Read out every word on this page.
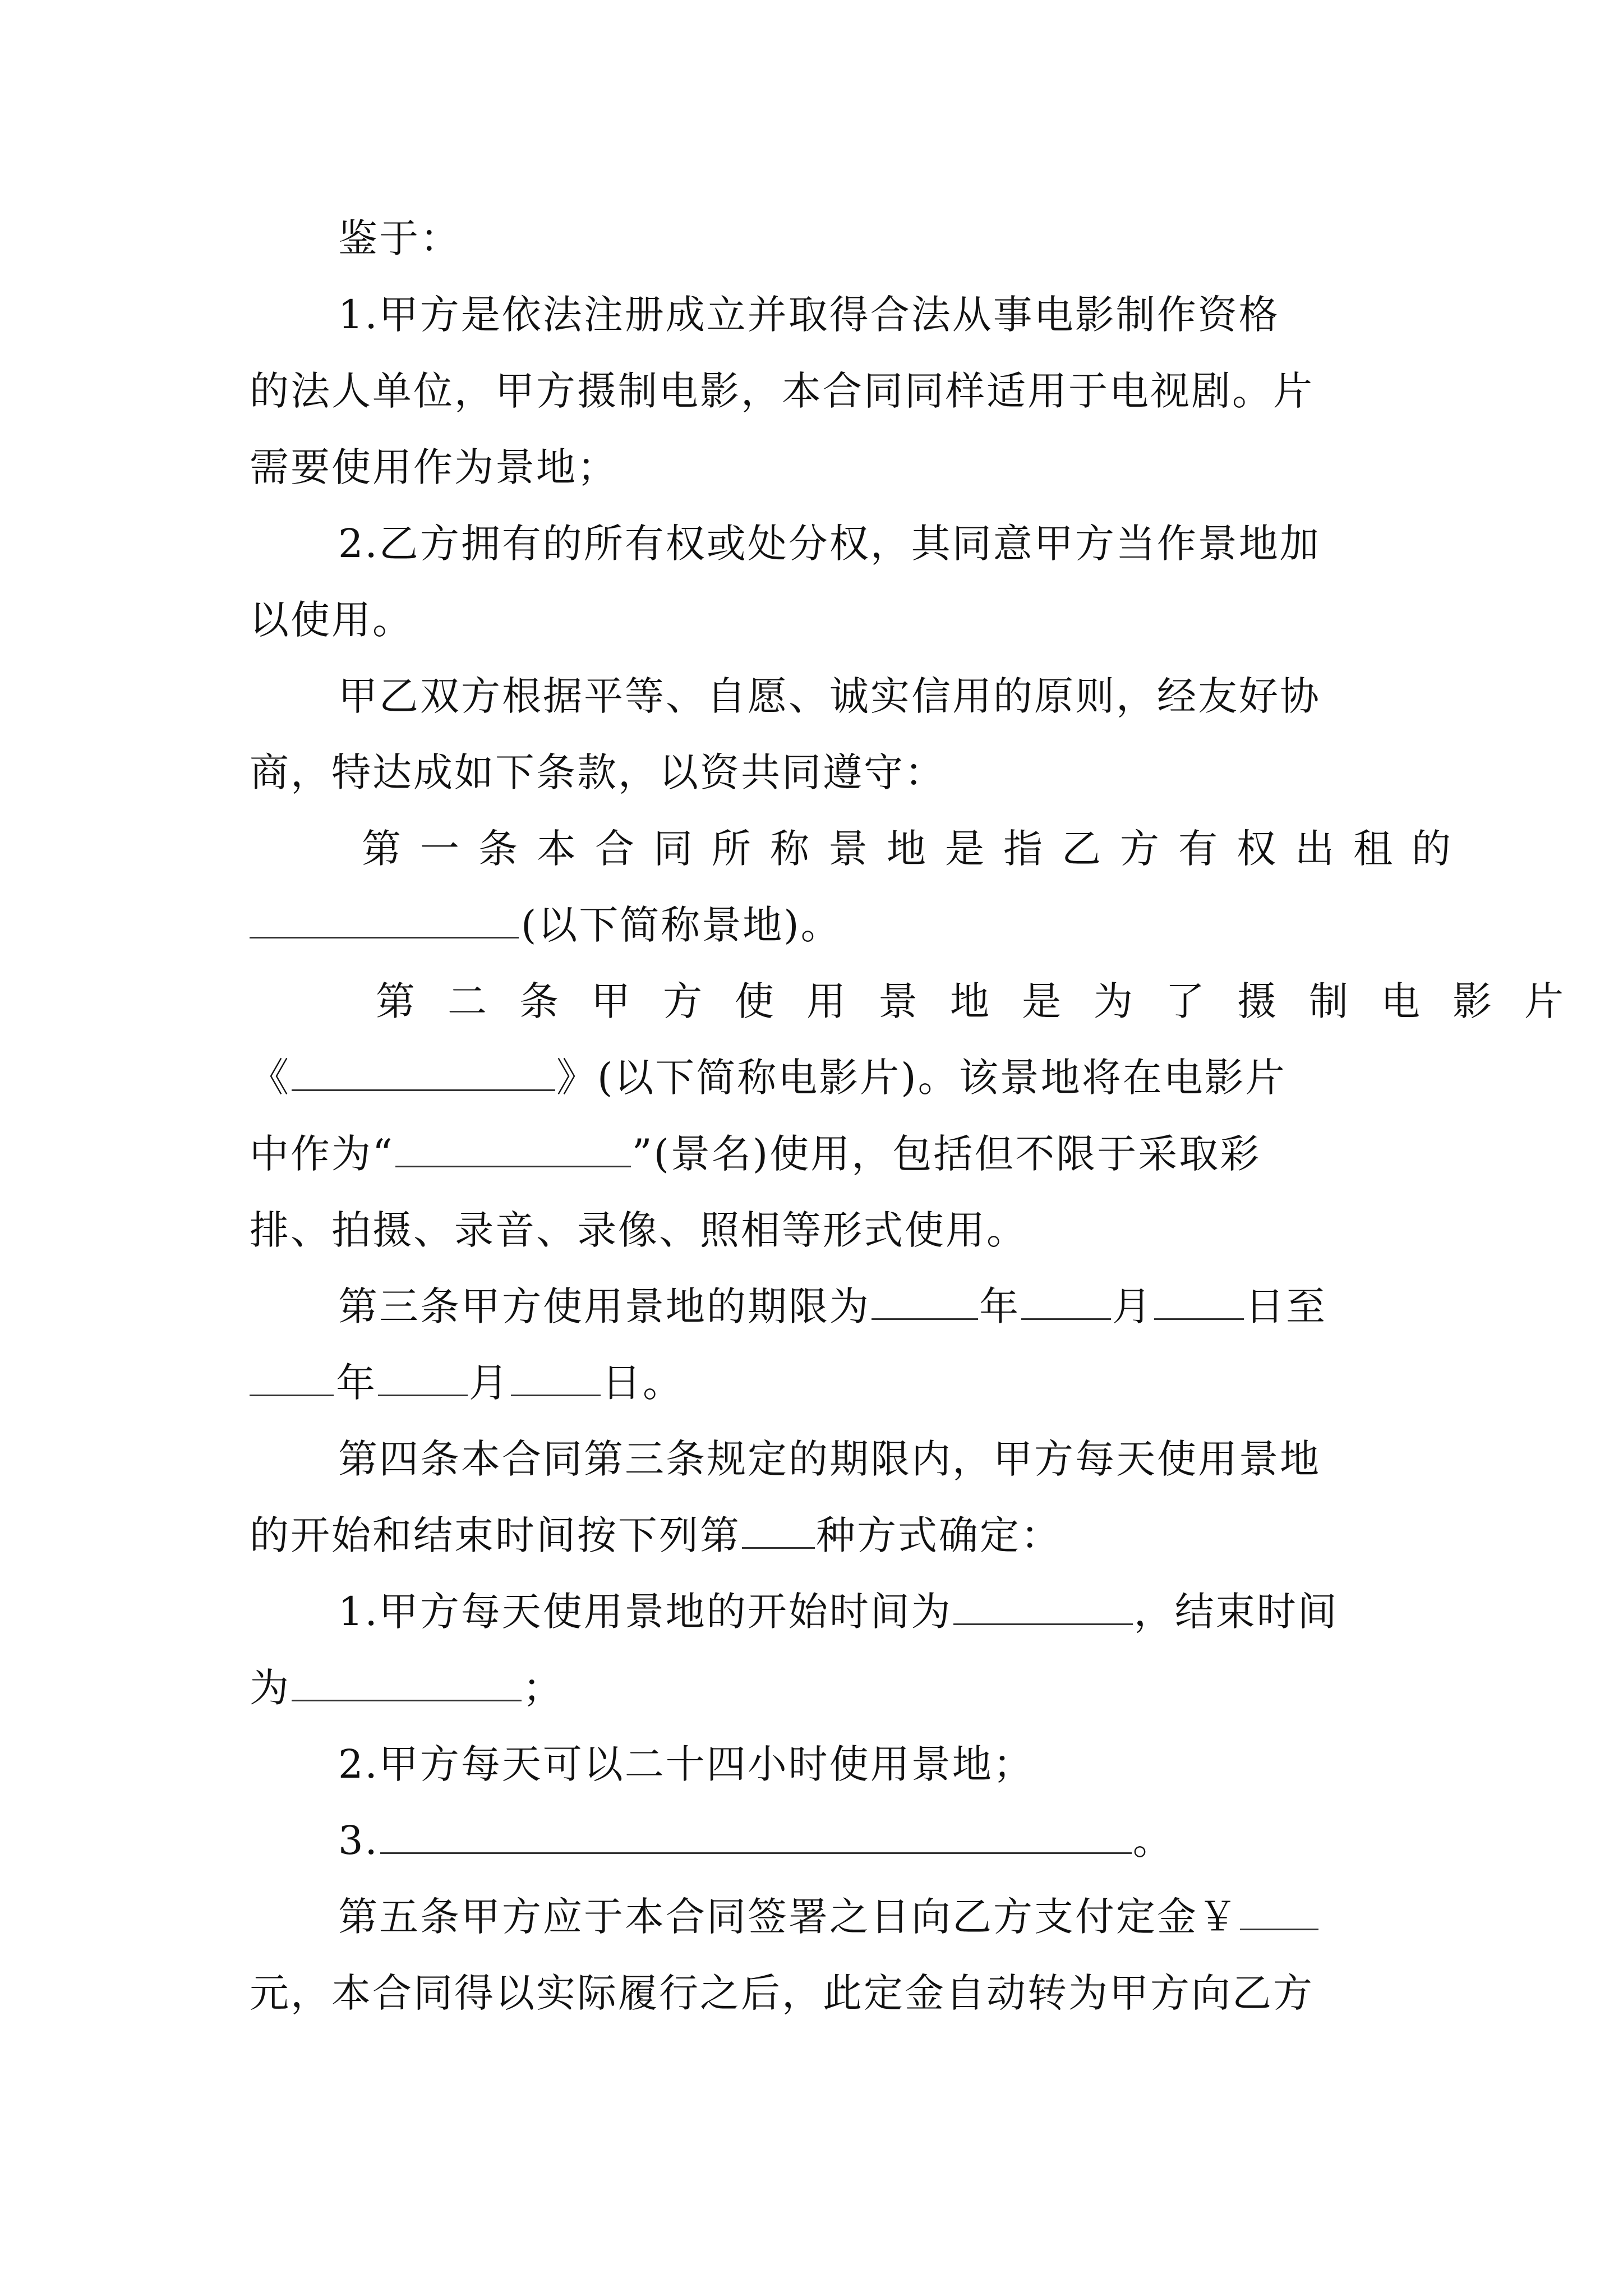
鉴于：
1.甲方是依法注册成立并取得合法从事电影制作资格
的法人单位，甲方摄制电影，本合同同样适用于电视剧。片
需要使用作为景地；
2.乙方拥有的所有权或处分权，其同意甲方当作景地加
以使用。
甲乙双方根据平等、自愿、诚实信用的原则，经友好协
商，特达成如下条款，以资共同遵守：
第一条本合同所称景地是指乙方有权出租的
(以下简称景地)。
第二条甲方使用景地是为了摄制电影片
《	》(以下简称电影片)。该景地将在电影片
中作为“	”(景名)使用，包括但不限于采取彩
排、拍摄、录音、录像、照相等形式使用。
第三条甲方使用景地的期限为	年 月 日至
年 月 日。
第四条本合同第三条规定的期限内，甲方每天使用景地
的开始和结束时间按下列第 种方式确定：
1.甲方每天使用景地的开始时间为	，结束时间
为	；
2.甲方每天可以二十四小时使用景地；
3.	。
第五条甲方应于本合同签署之日向乙方支付定金￥
元，本合同得以实际履行之后，此定金自动转为甲方向乙方
